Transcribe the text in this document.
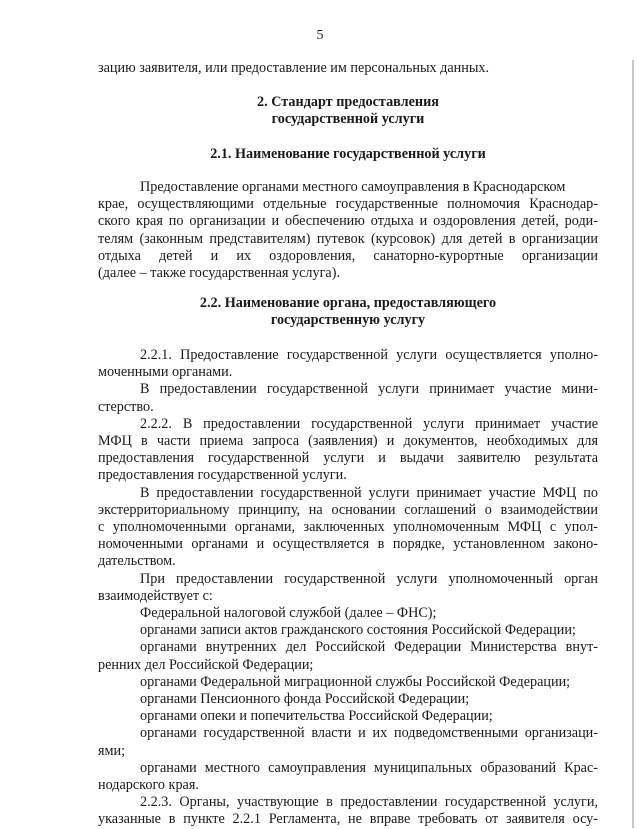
5
зацию заявителя, или предоставление им персональных данных.
2. Стандарт предоставления
государственной услуги
2.1. Наименование государственной услуги
Предоставление органами местного самоуправления в Краснодарском
крае, осуществляющими отдельные государственные полномочия Краснодар-
ского края по организации и обеспечению отдыха и оздоровления детей, роди-
телям (законным представителям) путевок (курсовок) для детей в организации
отдыха детей и их оздоровления, санаторно-курортные организации
(далее – также государственная услуга).
2.2. Наименование органа, предоставляющего
государственную услугу
2.2.1. Предоставление государственной услуги осуществляется уполно-
моченными органами.
В предоставлении государственной услуги принимает участие мини-
стерство.
2.2.2. В предоставлении государственной услуги принимает участие
МФЦ в части приема запроса (заявления) и документов, необходимых для
предоставления государственной услуги и выдачи заявителю результата
предоставления государственной услуги.
В предоставлении государственной услуги принимает участие МФЦ по
экстерриториальному принципу, на основании соглашений о взаимодействии
с уполномоченными органами, заключенных уполномоченным МФЦ с упол-
номоченными органами и осуществляется в порядке, установленном законо-
дательством.
При предоставлении государственной услуги уполномоченный орган
взаимодействует с:
Федеральной налоговой службой (далее – ФНС);
органами записи актов гражданского состояния Российской Федерации;
органами внутренних дел Российской Федерации Министерства внут-
ренних дел Российской Федерации;
органами Федеральной миграционной службы Российской Федерации;
органами Пенсионного фонда Российской Федерации;
органами опеки и попечительства Российской Федерации;
органами государственной власти и их подведомственными организаци-
ями;
органами местного самоуправления муниципальных образований Крас-
нодарского края.
2.2.3. Органы, участвующие в предоставлении государственной услуги,
указанные в пункте 2.2.1 Регламента, не вправе требовать от заявителя осу-
